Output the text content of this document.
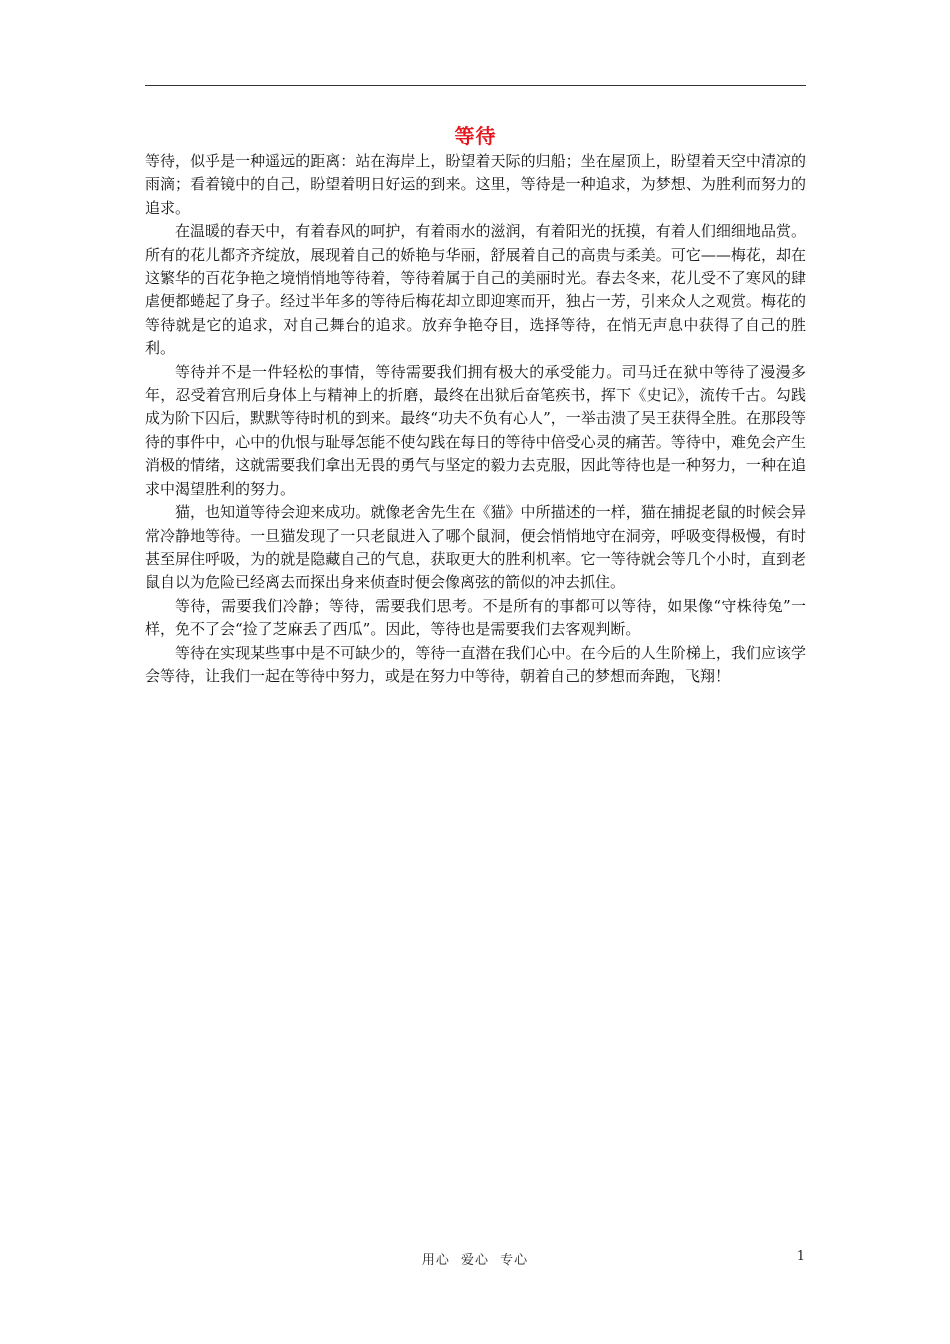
等待

等待，似乎是一种遥远的距离：站在海岸上，盼望着天际的归船；坐在屋顶上，盼望着天空中清凉的雨滴；看着镜中的自己，盼望着明日好运的到来。这里，等待是一种追求，为梦想、为胜利而努力的追求。

在温暖的春天中，有着春风的呵护，有着雨水的滋润，有着阳光的抚摸，有着人们细细地品赏。所有的花儿都齐齐绽放，展现着自己的娇艳与华丽，舒展着自己的高贵与柔美。可它——梅花，却在这繁华的百花争艳之境悄悄地等待着，等待着属于自己的美丽时光。春去冬来，花儿受不了寒风的肆虐便都蜷起了身子。经过半年多的等待后梅花却立即迎寒而开，独占一芳，引来众人之观赏。梅花的等待就是它的追求，对自己舞台的追求。放弃争艳夺目，选择等待，在悄无声息中获得了自己的胜利。

等待并不是一件轻松的事情，等待需要我们拥有极大的承受能力。司马迁在狱中等待了漫漫多年，忍受着宫刑后身体上与精神上的折磨，最终在出狱后奋笔疾书，挥下《史记》，流传千古。勾践成为阶下囚后，默默等待时机的到来。最终“功夫不负有心人”，一举击溃了吴王获得全胜。在那段等待的事件中，心中的仇恨与耻辱怎能不使勾践在每日的等待中倍受心灵的痛苦。等待中，难免会产生消极的情绪，这就需要我们拿出无畏的勇气与坚定的毅力去克服，因此等待也是一种努力，一种在追求中渴望胜利的努力。

猫，也知道等待会迎来成功。就像老舍先生在《猫》中所描述的一样，猫在捕捉老鼠的时候会异常冷静地等待。一旦猫发现了一只老鼠进入了哪个鼠洞，便会悄悄地守在洞旁，呼吸变得极慢，有时甚至屏住呼吸，为的就是隐藏自己的气息，获取更大的胜利机率。它一等待就会等几个小时，直到老鼠自以为危险已经离去而探出身来侦查时便会像离弦的箭似的冲去抓住。

等待，需要我们冷静；等待，需要我们思考。不是所有的事都可以等待，如果像“守株待兔”一样，免不了会“捡了芝麻丢了西瓜”。因此，等待也是需要我们去客观判断。

等待在实现某些事中是不可缺少的，等待一直潜在我们心中。在今后的人生阶梯上，我们应该学会等待，让我们一起在等待中努力，或是在努力中等待，朝着自己的梦想而奔跑，飞翔！

用心 爱心 专心	1
